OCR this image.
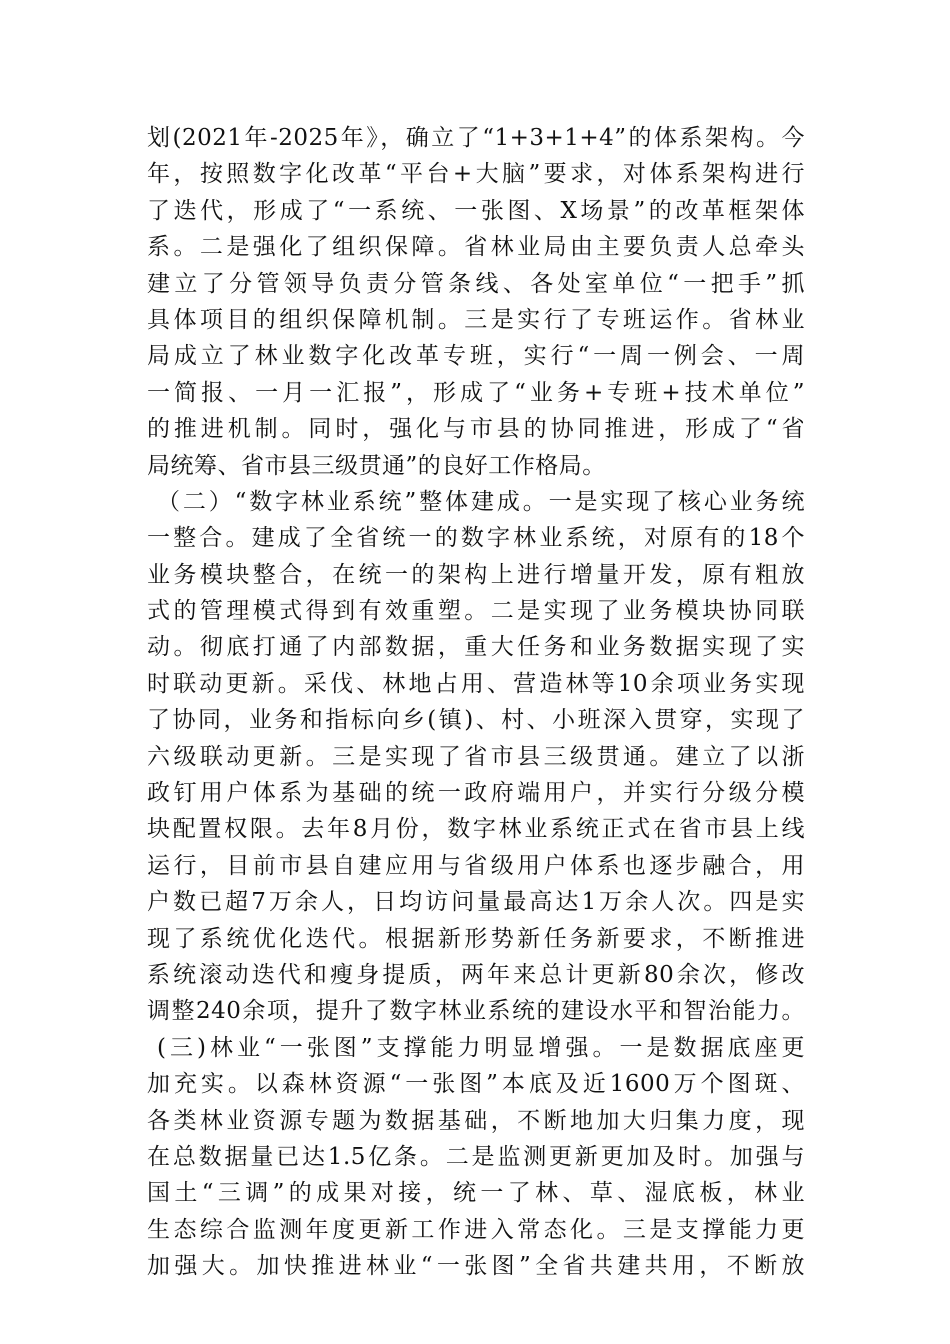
划(2021年-2025年》，确立了“1+3+1+4”的体系架构。今
年，按照数字化改革“平台+大脑”要求，对体系架构进行
了迭代，形成了“一系统、一张图、X场景”的改革框架体
系。二是强化了组织保障。省林业局由主要负责人总牵头
建立了分管领导负责分管条线、各处室单位“一把手”抓
具体项目的组织保障机制。三是实行了专班运作。省林业
局成立了林业数字化改革专班，实行“一周一例会、一周
一简报、一月一汇报”，形成了“业务+专班+技术单位”
的推进机制。同时，强化与市县的协同推进，形成了“省
局统筹、省市县三级贯通”的良好工作格局。
（二）“数字林业系统”整体建成。一是实现了核心业务统
一整合。建成了全省统一的数字林业系统，对原有的18个
业务模块整合，在统一的架构上进行增量开发，原有粗放
式的管理模式得到有效重塑。二是实现了业务模块协同联
动。彻底打通了内部数据，重大任务和业务数据实现了实
时联动更新。采伐、林地占用、营造林等10余项业务实现
了协同，业务和指标向乡(镇)、村、小班深入贯穿，实现了
六级联动更新。三是实现了省市县三级贯通。建立了以浙
政钉用户体系为基础的统一政府端用户，并实行分级分模
块配置权限。去年8月份，数字林业系统正式在省市县上线
运行，目前市县自建应用与省级用户体系也逐步融合，用
户数已超7万余人，日均访问量最高达1万余人次。四是实
现了系统优化迭代。根据新形势新任务新要求，不断推进
系统滚动迭代和瘦身提质，两年来总计更新80余次，修改
调整240余项，提升了数字林业系统的建设水平和智治能力。
(三)林业“一张图”支撑能力明显增强。一是数据底座更
加充实。以森林资源“一张图”本底及近1600万个图斑、
各类林业资源专题为数据基础，不断地加大归集力度，现
在总数据量已达1.5亿条。二是监测更新更加及时。加强与
国土“三调”的成果对接，统一了林、草、湿底板，林业
生态综合监测年度更新工作进入常态化。三是支撑能力更
加强大。加快推进林业“一张图”全省共建共用，不断放
